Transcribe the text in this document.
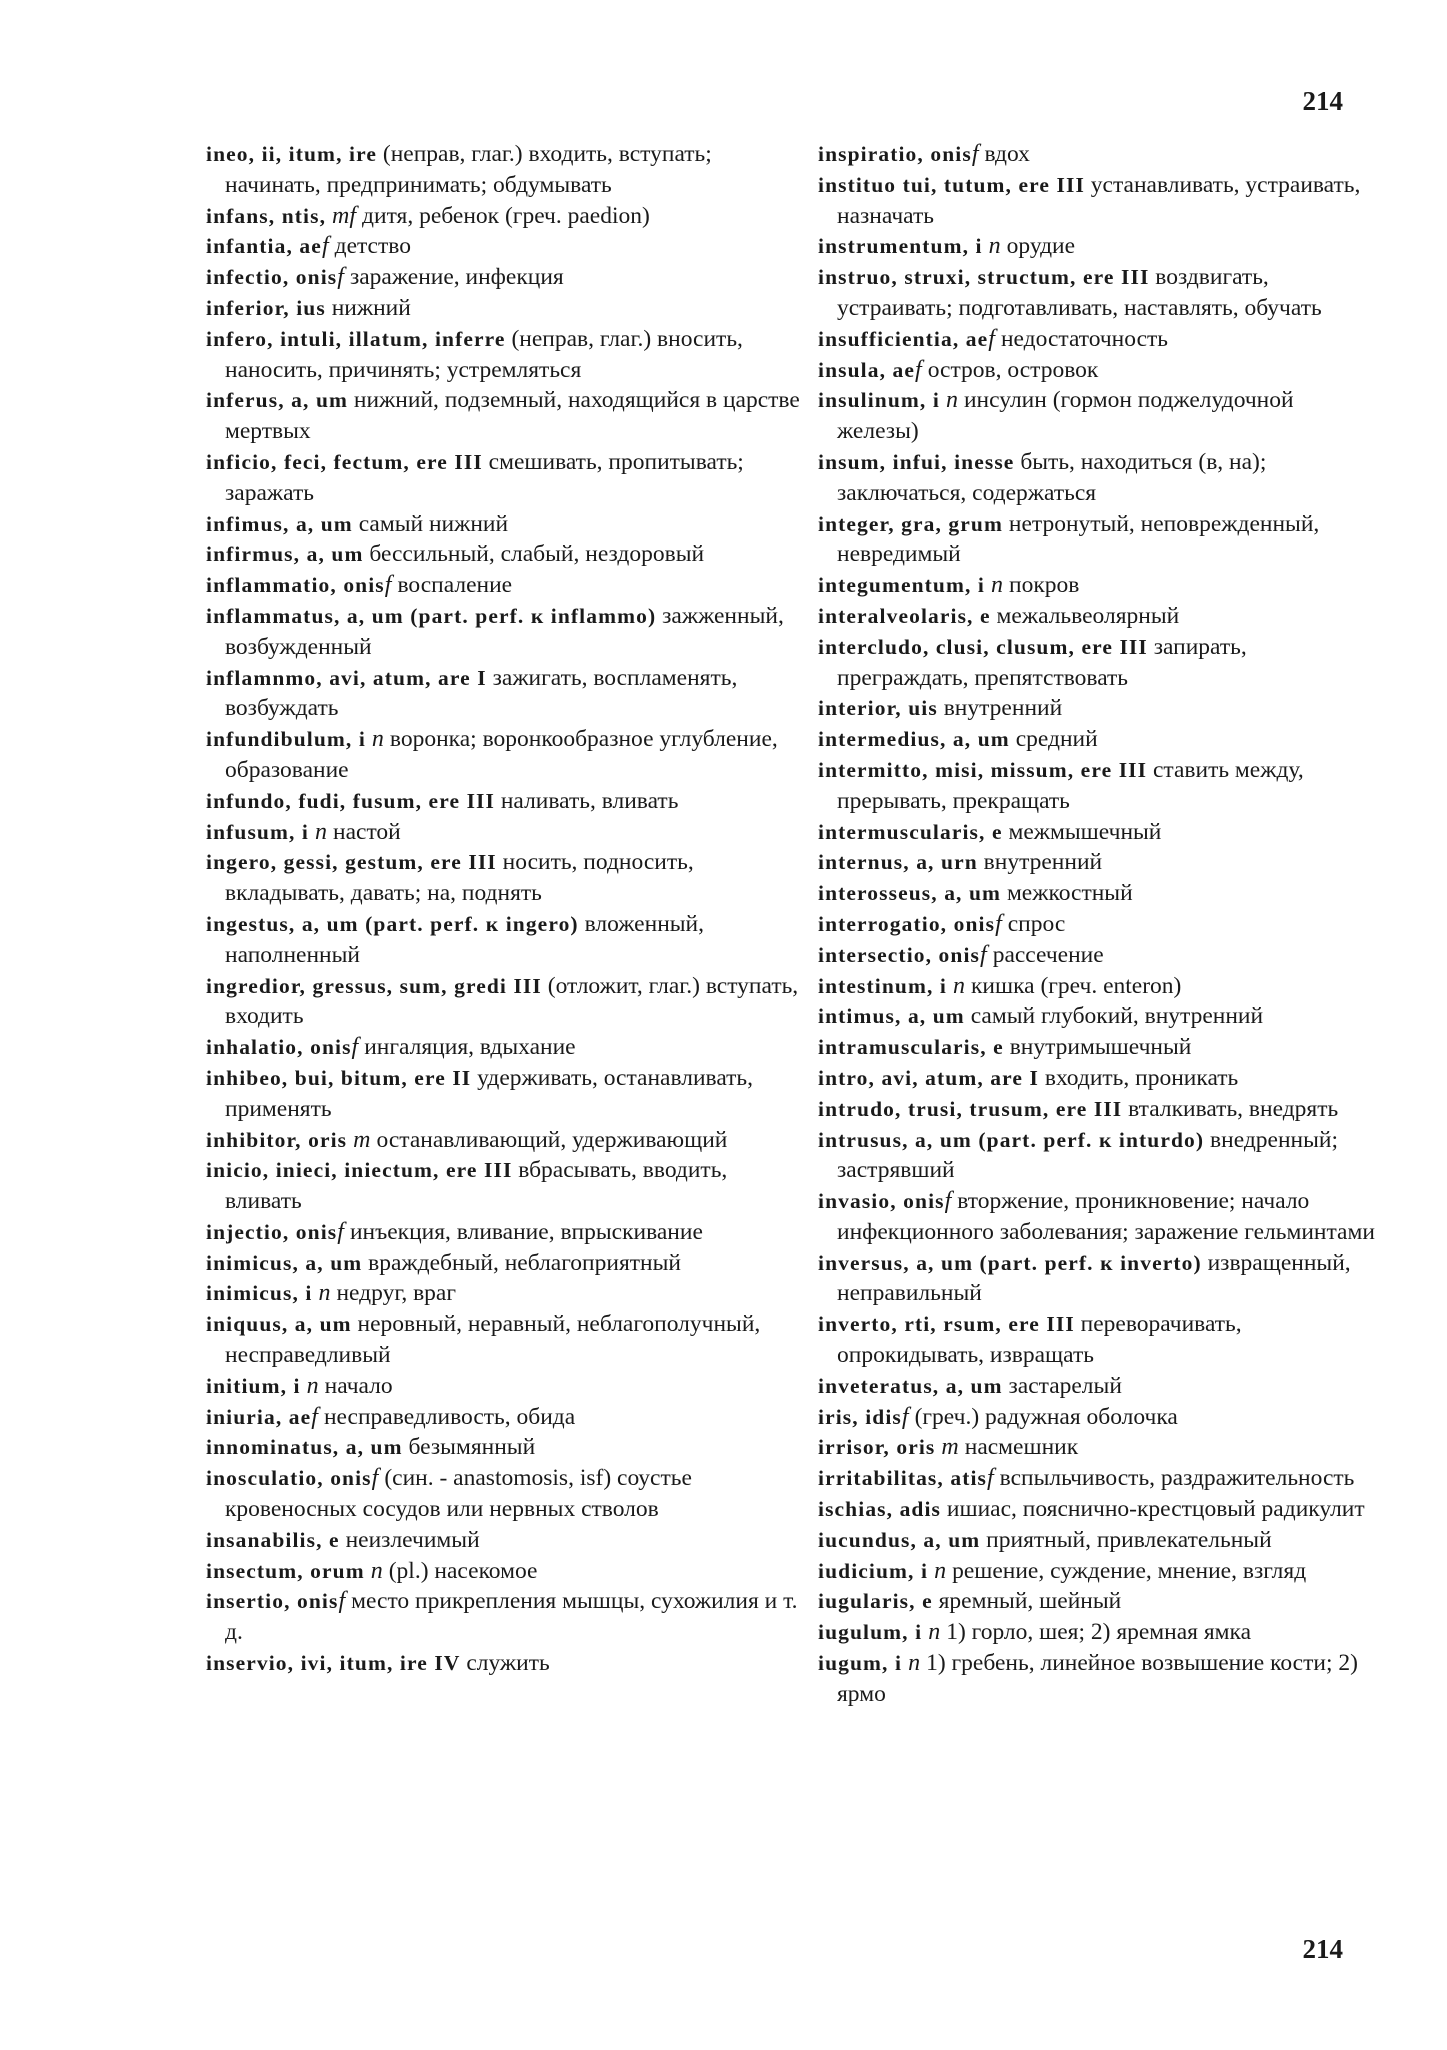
214

ineo, ii, itum, ire (неправ, глаг.) входить, вступать; начинать, предпринимать; обдумывать

infans, ntis, mf дитя, ребенок (греч. paedion)

infantia, aef детство

infectio, onisf заражение, инфекция

inferior, ius нижний

infero, intuli, illatum, inferre (неправ, глаг.) вносить, наносить, причинять; устремляться

inferus, a, um нижний, подземный, находящийся в царстве мертвых

inficio, feci, fectum, ere III смешивать, пропитывать; заражать

infimus, a, um самый нижний

infirmus, a, um бессильный, слабый, нездоровый

inflammatio, onisf воспаление

inflammatus, a, um (part. perf. к inflammo) зажженный, возбужденный

inflamnmo, avi, atum, are I зажигать, воспламенять, возбуждать

infundibulum, i n воронка; воронкообразное углубление, образование

infundo, fudi, fusum, ere III наливать, вливать

infusum, i n настой

ingero, gessi, gestum, ere III носить, подносить, вкладывать, давать; на, поднять

ingestus, a, um (part. perf. к ingero) вложенный, наполненный

ingredior, gressus, sum, gredi III (отложит, глаг.) вступать, входить

inhalatio, onisf ингаляция, вдыхание

inhibeo, bui, bitum, ere II удерживать, останавливать, применять

inhibitor, oris m останавливающий, удерживающий

inicio, inieci, iniectum, ere III вбрасывать, вводить, вливать

injectio, onisf инъекция, вливание, впрыскивание

inimicus, a, um враждебный, неблагоприятный

inimicus, i n недруг, враг

iniquus, a, um неровный, неравный, неблагополучный, несправедливый

initium, i n начало

iniuria, aef несправедливость, обида

innominatus, a, um безымянный

inosculatio, onisf (син. - anastomosis, isf) соустье кровеносных сосудов или нервных стволов

insanabilis, e неизлечимый

insectum, orum n (pl.) насекомое

insertio, onisf место прикрепления мышцы, сухожилия и т. д.

inservio, ivi, itum, ire IV служить

inspiratio, onisf вдох

instituo tui, tutum, ere III устанавливать, устраивать, назначать

instrumentum, i n орудие

instruo, struxi, structum, ere III воздвигать, устраивать; подготавливать, наставлять, обучать

insufficientia, aef недостаточность

insula, aef остров, островок

insulinum, i n инсулин (гормон поджелудочной железы)

insum, infui, inesse быть, находиться (в, на); заключаться, содержаться

integer, gra, grum нетронутый, неповрежденный, невредимый

integumentum, i n покров

interalveolaris, e межальвеолярный

intercludo, clusi, clusum, ere III запирать, преграждать, препятствовать

interior, uis внутренний

intermedius, a, um средний

intermitto, misi, missum, ere III ставить между, прерывать, прекращать

intermuscularis, e межмышечный

internus, a, urn внутренний

interosseus, a, um межкостный

interrogatio, onisf спрос

intersectio, onisf рассечение

intestinum, i n кишка (греч. enteron)

intimus, a, um самый глубокий, внутренний

intramuscularis, e внутримышечный

intro, avi, atum, are I входить, проникать

intrudo, trusi, trusum, ere III вталкивать, внедрять

intrusus, a, um (part. perf. к inturdo) внедренный; застрявший

invasio, onisf вторжение, проникновение; начало инфекционного заболевания; заражение гельминтами

inversus, a, um (part. perf. к inverto) извращенный, неправильный

inverto, rti, rsum, ere III переворачивать, опрокидывать, извращать

inveteratus, a, um застарелый

iris, idisf (греч.) радужная оболочка

irrisor, oris m насмешник

irritabilitas, atisf вспыльчивость, раздражительность

ischias, adis ишиас, пояснично-крестцовый радикулит

iucundus, a, um приятный, привлекательный

iudicium, i n решение, суждение, мнение, взгляд

iugularis, e яремный, шейный

iugulum, i n 1) горло, шея; 2) яремная ямка

iugum, i n 1) гребень, линейное возвышение кости; 2) ярмо

214
